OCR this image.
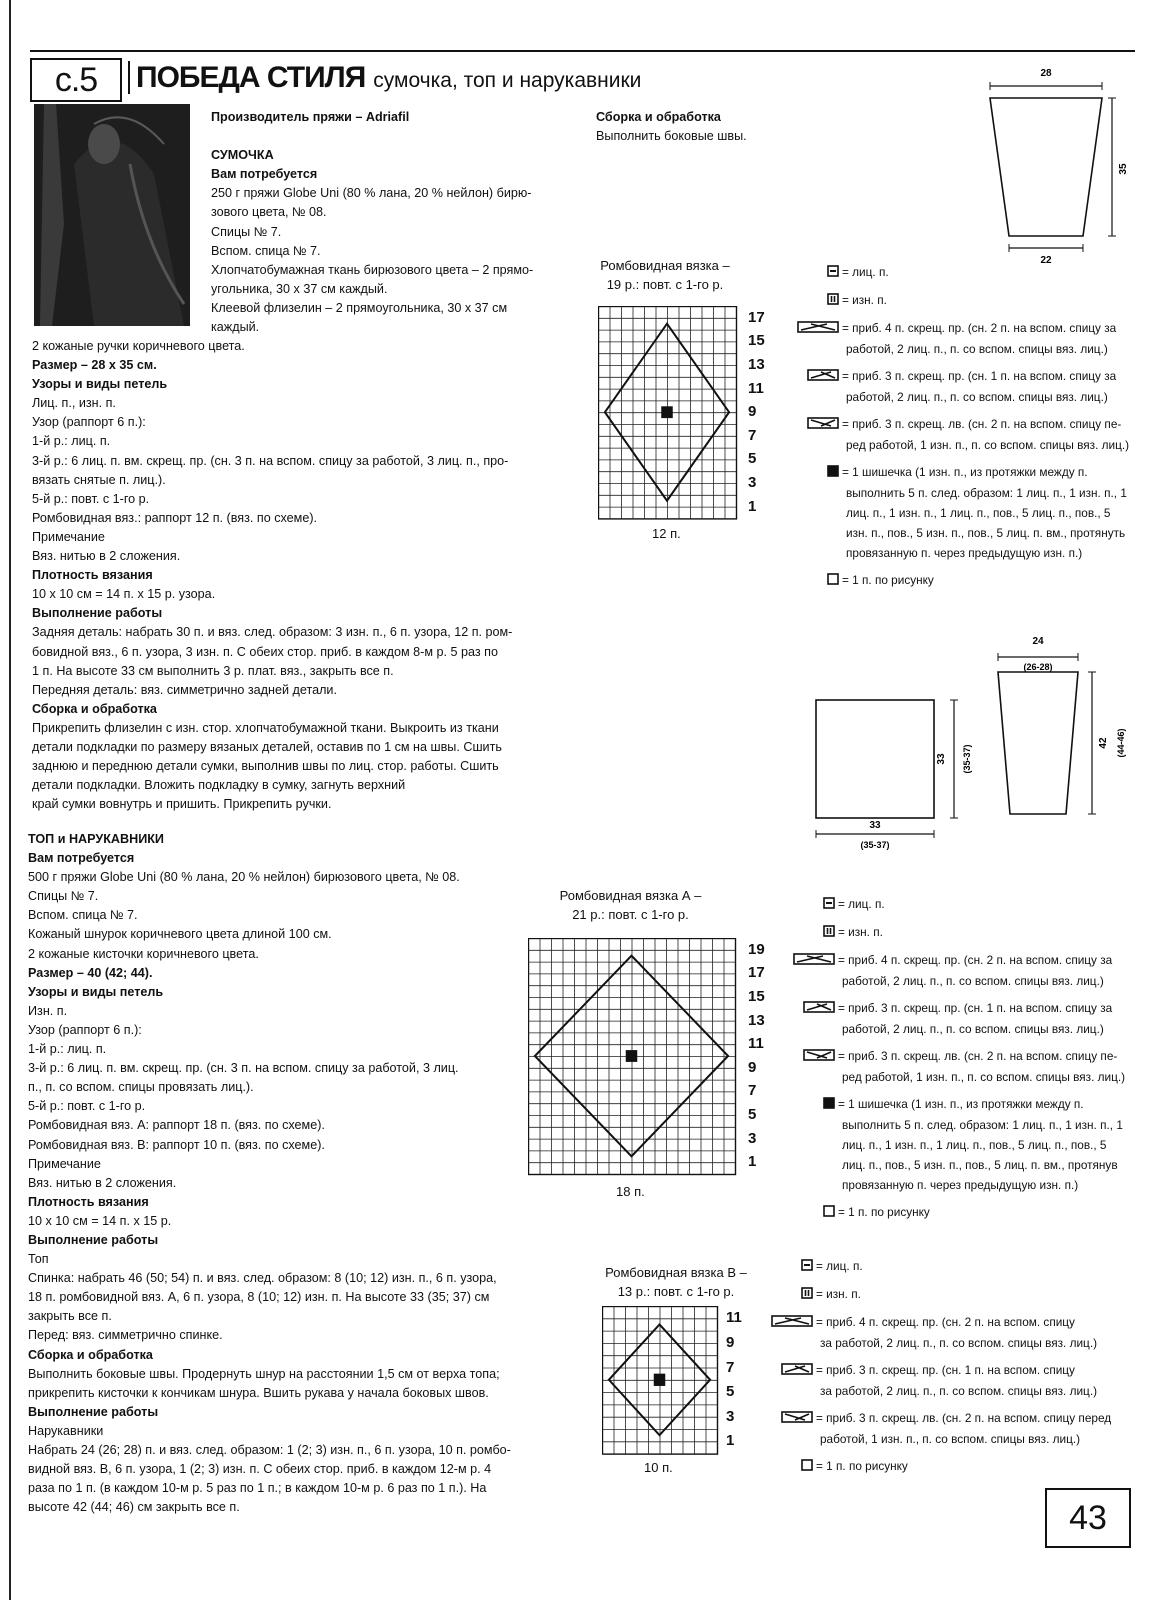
с.5	ПОБЕДА СТИЛЯ сумочка, топ и нарукавники

Производитель пряжи – Adriafil

СУМОЧКА

Вам потребуется

250 г пряжи Globe Uni (80 % лана, 20 % нейлон) бирю-

зового цвета, № 08.

Спицы № 7.

Вспом. спица № 7.

Хлопчатобумажная ткань бирюзового цвета – 2 прямо-

угольника, 30 х 37 см каждый.

Клеевой флизелин – 2 прямоугольника, 30 х 37 см

каждый.

2 кожаные ручки коричневого цвета.

Размер – 28 х 35 см.

Узоры и виды петель

Лиц. п., изн. п.

Узор (раппорт 6 п.):

1-й р.: лиц. п.

3-й р.: 6 лиц. п. вм. скрещ. пр. (сн. 3 п. на вспом. спицу за работой, 3 лиц. п., про-

вязать снятые п. лиц.).

5-й р.: повт. с 1-го р.

Ромбовидная вяз.: раппорт 12 п. (вяз. по схеме).

Примечание

Вяз. нитью в 2 сложения.

Плотность вязания

10 х 10 см = 14 п. х 15 р. узора.

Выполнение работы

Задняя деталь: набрать 30 п. и вяз. след. образом: 3 изн. п., 6 п. узора, 12 п. ром-

бовидной вяз., 6 п. узора, 3 изн. п. С обеих стор. приб. в каждом 8-м р. 5 раз по

1 п. На высоте 33 см выполнить 3 р. плат. вяз., закрыть все п.

Передняя деталь: вяз. симметрично задней детали.

Сборка и обработка

Прикрепить флизелин с изн. стор. хлопчатобумажной ткани. Выкроить из ткани

детали подкладки по размеру вязаных деталей, оставив по 1 см на швы. Сшить

заднюю и переднюю детали сумки, выполнив швы по лиц. стор. работы. Сшить

детали подкладки. Вложить подкладку в сумку, загнуть верхний

край сумки вовнутрь и пришить. Прикрепить ручки.

ТОП и НАРУКАВНИКИ

Вам потребуется

500 г пряжи Globe Uni (80 % лана, 20 % нейлон) бирюзового цвета, № 08.

Спицы № 7.

Вспом. спица № 7.

Кожаный шнурок коричневого цвета длиной 100 см.

2 кожаные кисточки коричневого цвета.

Размер – 40 (42; 44).

Узоры и виды петель

Изн. п.

Узор (раппорт 6 п.):

1-й р.: лиц. п.

3-й р.: 6 лиц. п. вм. скрещ. пр. (сн. 3 п. на вспом. спицу за работой, 3 лиц.

п., п. со вспом. спицы провязать лиц.).

5-й р.: повт. с 1-го р.

Ромбовидная вяз. А: раппорт 18 п. (вяз. по схеме).

Ромбовидная вяз. В: раппорт 10 п. (вяз. по схеме).

Примечание

Вяз. нитью в 2 сложения.

Плотность вязания

10 х 10 см = 14 п. х 15 р.

Выполнение работы

Топ

Спинка: набрать 46 (50; 54) п. и вяз. след. образом: 8 (10; 12) изн. п., 6 п. узора,

18 п. ромбовидной вяз. А, 6 п. узора, 8 (10; 12) изн. п. На высоте 33 (35; 37) см

закрыть все п.

Перед: вяз. симметрично спинке.

Сборка и обработка

Выполнить боковые швы. Продернуть шнур на расстоянии 1,5 см от верха топа;

прикрепить кисточки к кончикам шнура. Вшить рукава у начала боковых швов.

Выполнение работы

Нарукавники

Набрать 24 (26; 28) п. и вяз. след. образом: 1 (2; 3) изн. п., 6 п. узора, 10 п. ромбо-

видной вяз. В, 6 п. узора, 1 (2; 3) изн. п. С обеих стор. приб. в каждом 12-м р. 4

раза по 1 п. (в каждом 10-м р. 5 раз по 1 п.; в каждом 10-м р. 6 раз по 1 п.). На

высоте 42 (44; 46) см закрыть все п.

Сборка и обработка

Выполнить боковые швы.

Ромбовидная вязка –
19 р.: повт. с 1-го р.
17
15
13
11
9
7
5
3
1
12 п.
Ромбовидная вязка А –
21 р.: повт. с 1-го р.
19
17
15
13
11
9
7
5
3
1
18 п.
Ромбовидная вязка В –
13 р.: повт. с 1-го р.
11
9
7
5
3
1
10 п.
= лиц. п.
= изн. п.
= приб. 4 п. скрещ. пр. (сн. 2 п. на вспом. спицу за
работой, 2 лиц. п., п. со вспом. спицы вяз. лиц.)
= приб. 3 п. скрещ. пр. (сн. 1 п. на вспом. спицу за
работой, 2 лиц. п., п. со вспом. спицы вяз. лиц.)
= приб. 3 п. скрещ. лв. (сн. 2 п. на вспом. спицу пе-
ред работой, 1 изн. п., п. со вспом. спицы вяз. лиц.)
= 1 шишечка (1 изн. п., из протяжки между п.
выполнить 5 п. след. образом: 1 лиц. п., 1 изн. п., 1
лиц. п., 1 изн. п., 1 лиц. п., пов., 5 лиц. п., пов., 5
изн. п., пов., 5 изн. п., пов., 5 лиц. п. вм., протянуть
провязанную п. через предыдущую изн. п.)
= 1 п. по рисунку
= лиц. п.
= изн. п.
= приб. 4 п. скрещ. пр. (сн. 2 п. на вспом. спицу за
работой, 2 лиц. п., п. со вспом. спицы вяз. лиц.)
= приб. 3 п. скрещ. пр. (сн. 1 п. на вспом. спицу за
работой, 2 лиц. п., п. со вспом. спицы вяз. лиц.)
= приб. 3 п. скрещ. лв. (сн. 2 п. на вспом. спицу пе-
ред работой, 1 изн. п., п. со вспом. спицы вяз. лиц.)
= 1 шишечка (1 изн. п., из протяжки между п.
выполнить 5 п. след. образом: 1 лиц. п., 1 изн. п., 1
лиц. п., 1 изн. п., 1 лиц. п., пов., 5 лиц. п., пов., 5
лиц. п., пов., 5 изн. п., пов., 5 лиц. п. вм., протянув
провязанную п. через предыдущую изн. п.)
= 1 п. по рисунку
= лиц. п.
= изн. п.
= приб. 4 п. скрещ. пр. (сн. 2 п. на вспом. спицу
за работой, 2 лиц. п., п. со вспом. спицы вяз. лиц.)
= приб. 3 п. скрещ. пр. (сн. 1 п. на вспом. спицу
за работой, 2 лиц. п., п. со вспом. спицы вяз. лиц.)
= приб. 3 п. скрещ. лв. (сн. 2 п. на вспом. спицу перед
работой, 1 изн. п., п. со вспом. спицы вяз. лиц.)
= 1 п. по рисунку
28
22
35
33
(35-37)
33 (35-37)
24
(26-28)
42 (44-46)
43
